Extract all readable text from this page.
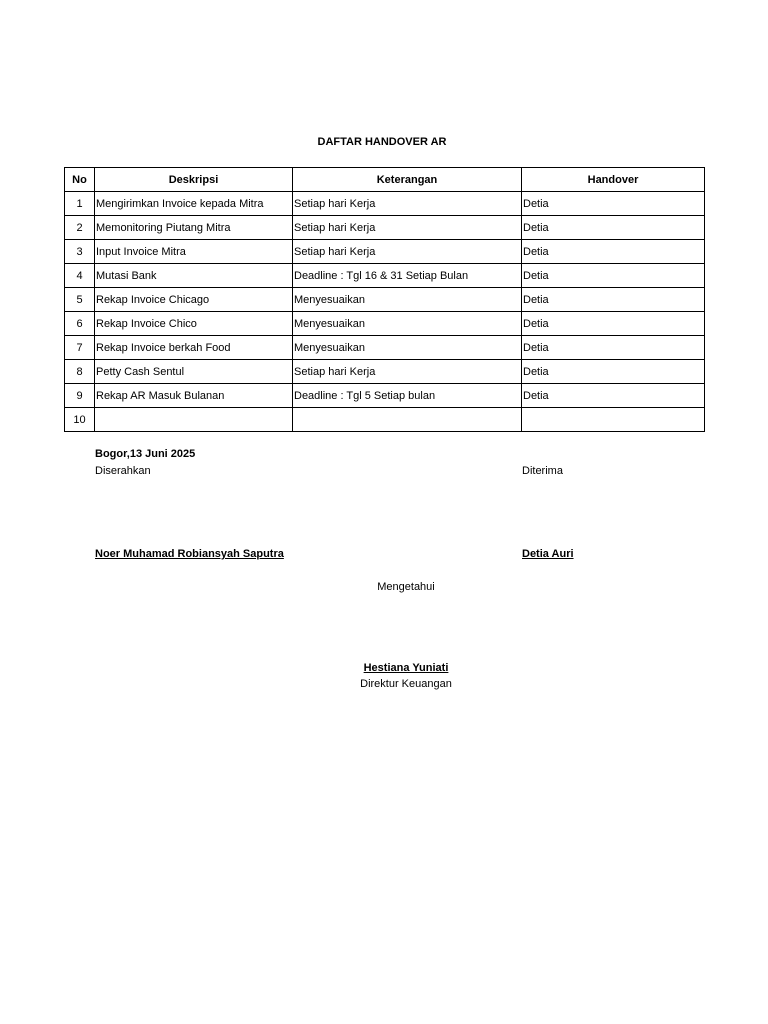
DAFTAR HANDOVER AR
No	Deskripsi	Keterangan	Handover
1	Mengirimkan Invoice kepada Mitra	Setiap hari Kerja	Detia
2	Memonitoring Piutang Mitra	Setiap hari Kerja	Detia
3	Input Invoice Mitra	Setiap hari Kerja	Detia
4	Mutasi Bank	Deadline : Tgl 16 & 31 Setiap Bulan	Detia
5	Rekap Invoice Chicago	Menyesuaikan	Detia
6	Rekap Invoice Chico	Menyesuaikan	Detia
7	Rekap Invoice berkah Food	Menyesuaikan	Detia
8	Petty Cash Sentul	Setiap hari Kerja	Detia
9	Rekap AR Masuk Bulanan	Deadline : Tgl 5 Setiap bulan	Detia
10			
Bogor,13 Juni 2025
Diserahkan	Diterima
Noer Muhamad Robiansyah Saputra	Detia Auri
Mengetahui
Hestiana Yuniati
Direktur Keuangan
